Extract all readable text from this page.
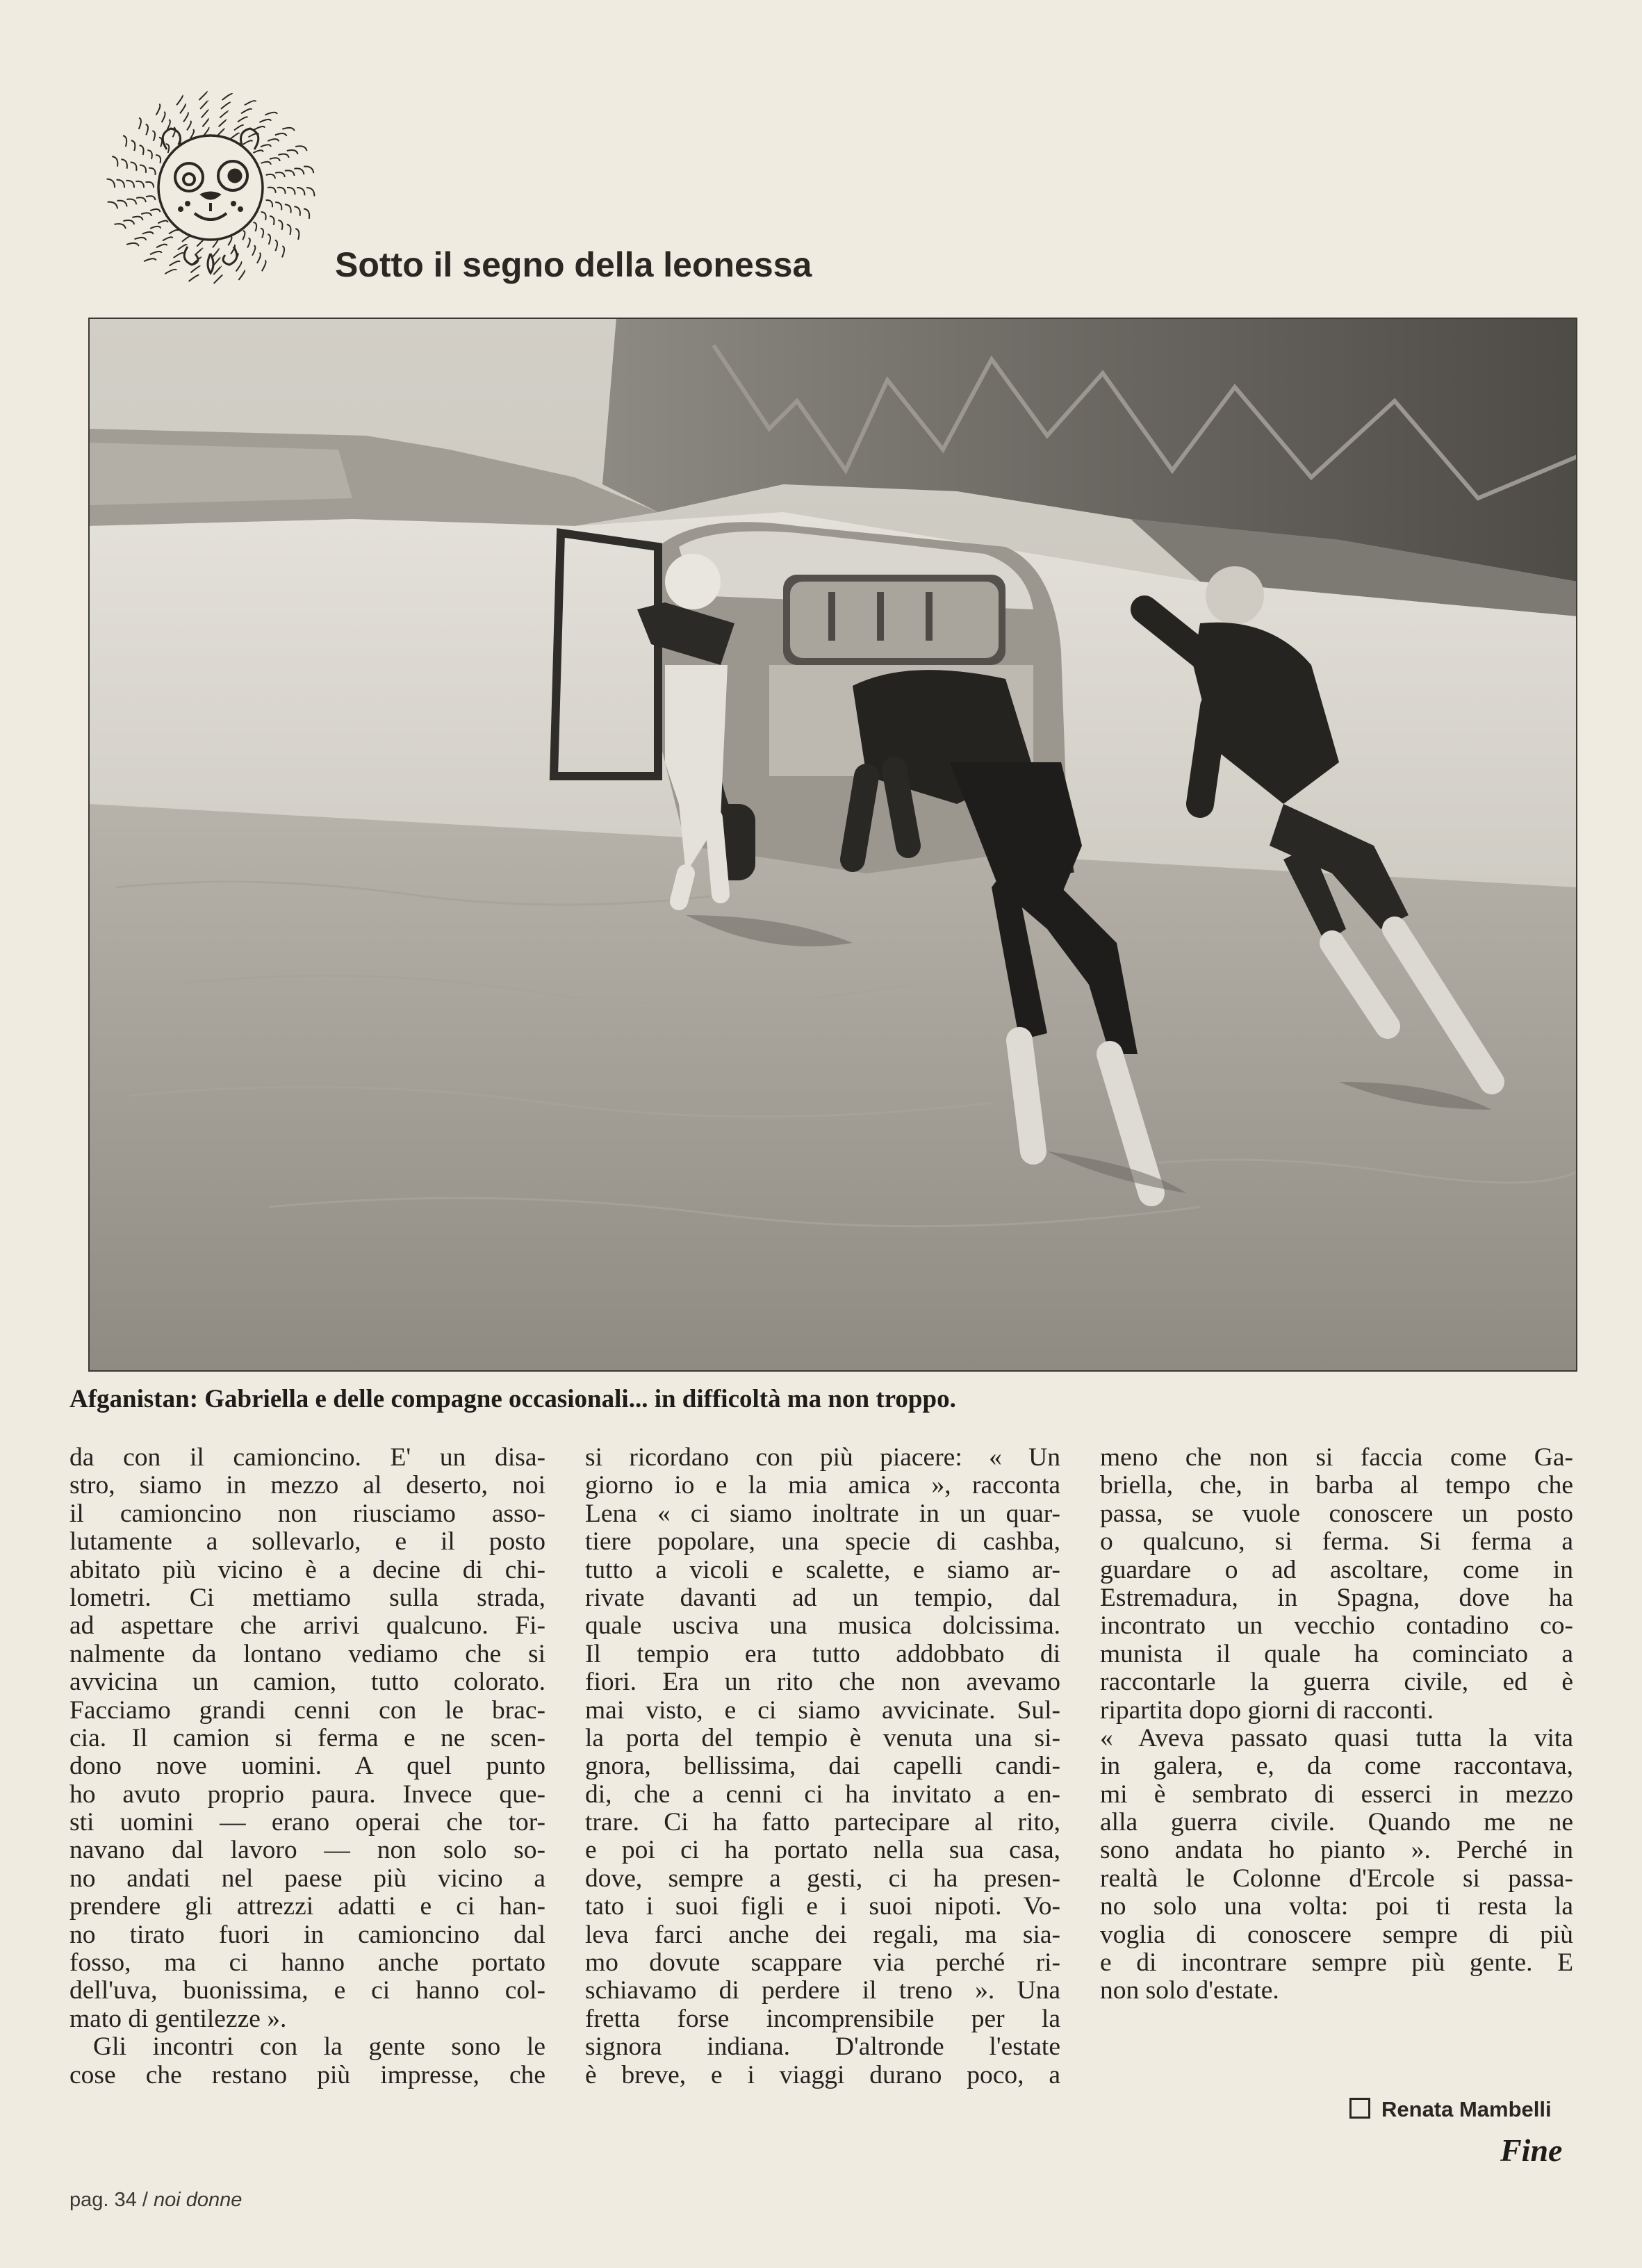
Sotto il segno della leonessa

Afganistan: Gabriella e delle compagne occasionali... in difficoltà ma non troppo.

da con il camioncino. E' un disa-
stro, siamo in mezzo al deserto, noi
il camioncino non riusciamo asso-
lutamente a sollevarlo, e il posto
abitato più vicino è a decine di chi-
lometri. Ci mettiamo sulla strada,
ad aspettare che arrivi qualcuno. Fi-
nalmente da lontano vediamo che si
avvicina un camion, tutto colorato.
Facciamo grandi cenni con le brac-
cia. Il camion si ferma e ne scen-
dono nove uomini. A quel punto
ho avuto proprio paura. Invece que-
sti uomini — erano operai che tor-
navano dal lavoro — non solo so-
no andati nel paese più vicino a
prendere gli attrezzi adatti e ci han-
no tirato fuori in camioncino dal
fosso, ma ci hanno anche portato
dell'uva, buonissima, e ci hanno col-
mato di gentilezze ».
Gli incontri con la gente sono le
cose che restano più impresse, che
si ricordano con più piacere: « Un
giorno io e la mia amica », racconta
Lena « ci siamo inoltrate in un quar-
tiere popolare, una specie di cashba,
tutto a vicoli e scalette, e siamo ar-
rivate davanti ad un tempio, dal
quale usciva una musica dolcissima.
Il tempio era tutto addobbato di
fiori. Era un rito che non avevamo
mai visto, e ci siamo avvicinate. Sul-
la porta del tempio è venuta una si-
gnora, bellissima, dai capelli candi-
di, che a cenni ci ha invitato a en-
trare. Ci ha fatto partecipare al rito,
e poi ci ha portato nella sua casa,
dove, sempre a gesti, ci ha presen-
tato i suoi figli e i suoi nipoti. Vo-
leva farci anche dei regali, ma sia-
mo dovute scappare via perché ri-
schiavamo di perdere il treno ». Una
fretta forse incomprensibile per la
signora indiana. D'altronde l'estate
è breve, e i viaggi durano poco, a
meno che non si faccia come Ga-
briella, che, in barba al tempo che
passa, se vuole conoscere un posto
o qualcuno, si ferma. Si ferma a
guardare o ad ascoltare, come in
Estremadura, in Spagna, dove ha
incontrato un vecchio contadino co-
munista il quale ha cominciato a
raccontarle la guerra civile, ed è
ripartita dopo giorni di racconti.
« Aveva passato quasi tutta la vita
in galera, e, da come raccontava,
mi è sembrato di esserci in mezzo
alla guerra civile. Quando me ne
sono andata ho pianto ». Perché in
realtà le Colonne d'Ercole si passa-
no solo una volta: poi ti resta la
voglia di conoscere sempre di più
e di incontrare sempre più gente. E
non solo d'estate.
Renata Mambelli
Fine
pag. 34 / noi donne
